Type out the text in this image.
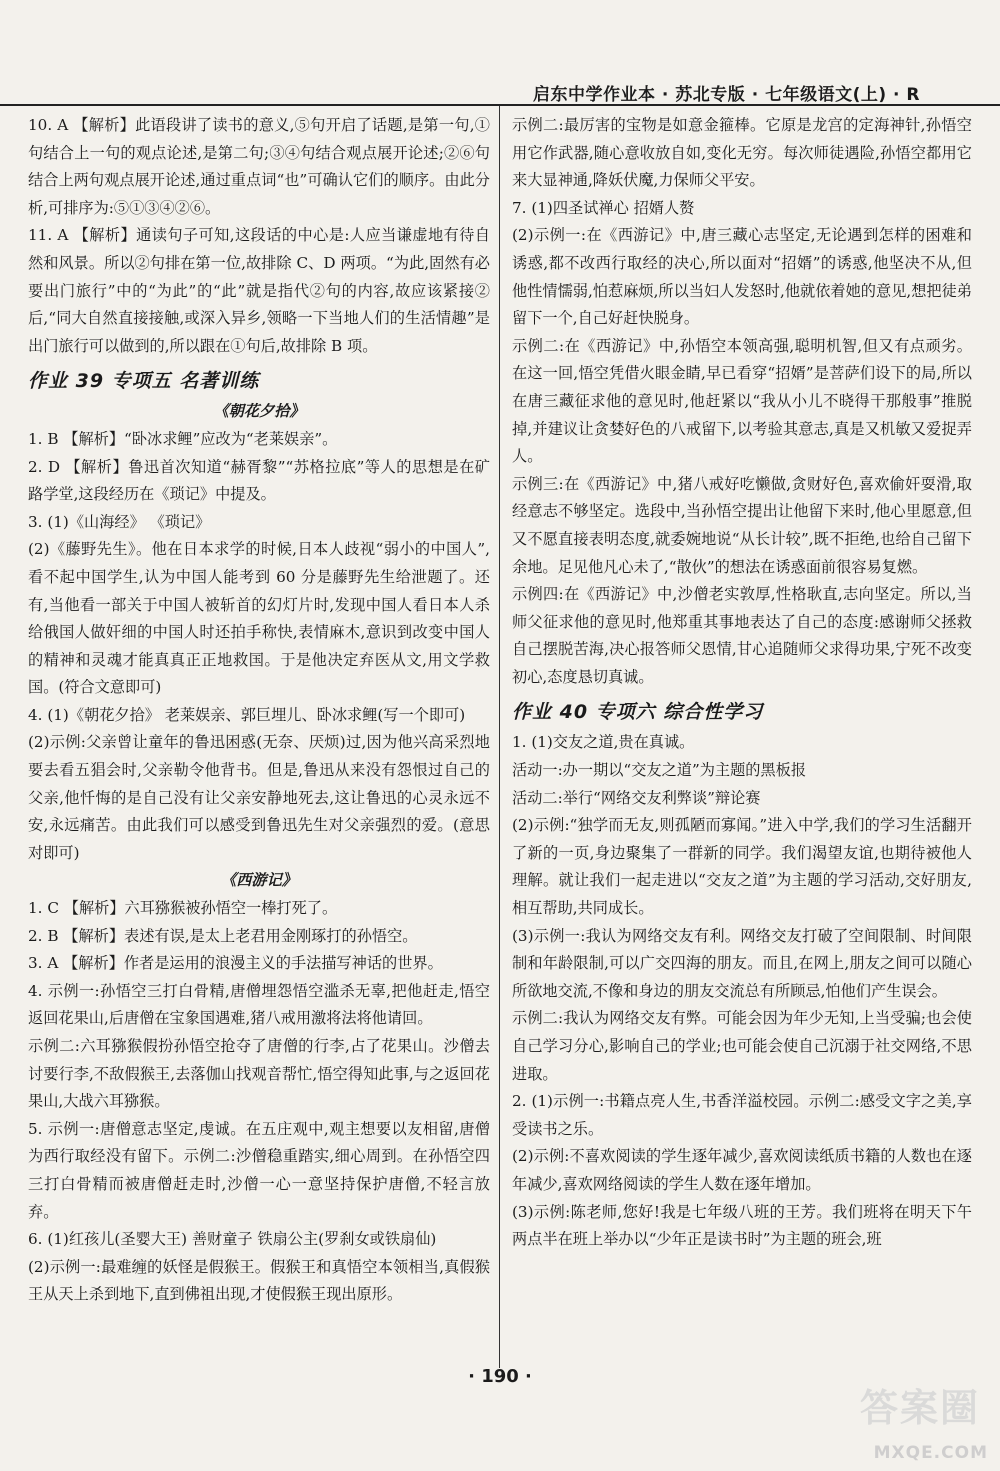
启东中学作业本 · 苏北专版 · 七年级语文(上) · R

10. A 【解析】此语段讲了读书的意义,⑤句开启了话题,是第一句,①句结合上一句的观点论述,是第二句;③④句结合观点展开论述;②⑥句结合上两句观点展开论述,通过重点词“也”可确认它们的顺序。由此分析,可排序为:⑤①③④②⑥。

11. A 【解析】通读句子可知,这段话的中心是:人应当谦虚地有待自然和风景。所以②句排在第一位,故排除 C、D 两项。“为此,固然有必要出门旅行”中的“为此”的“此”就是指代②句的内容,故应该紧接②后,“同大自然直接接触,或深入异乡,领略一下当地人们的生活情趣”是出门旅行可以做到的,所以跟在①句后,故排除 B 项。

作业 39 专项五 名著训练

《朝花夕拾》

1. B 【解析】“卧冰求鲤”应改为“老莱娱亲”。

2. D 【解析】鲁迅首次知道“赫胥黎”“苏格拉底”等人的思想是在矿路学堂,这段经历在《琐记》中提及。

3. (1)《山海经》 《琐记》

(2)《藤野先生》。他在日本求学的时候,日本人歧视“弱小的中国人”,看不起中国学生,认为中国人能考到 60 分是藤野先生给泄题了。还有,当他看一部关于中国人被斩首的幻灯片时,发现中国人看日本人杀给俄国人做奸细的中国人时还拍手称快,表情麻木,意识到改变中国人的精神和灵魂才能真真正正地救国。于是他决定弃医从文,用文学救国。(符合文意即可)

4. (1)《朝花夕拾》 老莱娱亲、郭巨埋儿、卧冰求鲤(写一个即可)

(2)示例:父亲曾让童年的鲁迅困惑(无奈、厌烦)过,因为他兴高采烈地要去看五猖会时,父亲勒令他背书。但是,鲁迅从来没有怨恨过自己的父亲,他忏悔的是自己没有让父亲安静地死去,这让鲁迅的心灵永远不安,永远痛苦。由此我们可以感受到鲁迅先生对父亲强烈的爱。(意思对即可)

《西游记》

1. C 【解析】六耳猕猴被孙悟空一棒打死了。

2. B 【解析】表述有误,是太上老君用金刚琢打的孙悟空。

3. A 【解析】作者是运用的浪漫主义的手法描写神话的世界。

4. 示例一:孙悟空三打白骨精,唐僧埋怨悟空滥杀无辜,把他赶走,悟空返回花果山,后唐僧在宝象国遇难,猪八戒用激将法将他请回。

示例二:六耳猕猴假扮孙悟空抢夺了唐僧的行李,占了花果山。沙僧去讨要行李,不敌假猴王,去落伽山找观音帮忙,悟空得知此事,与之返回花果山,大战六耳猕猴。

5. 示例一:唐僧意志坚定,虔诚。在五庄观中,观主想要以友相留,唐僧为西行取经没有留下。示例二:沙僧稳重踏实,细心周到。在孙悟空四三打白骨精而被唐僧赶走时,沙僧一心一意坚持保护唐僧,不轻言放弃。

6. (1)红孩儿(圣婴大王) 善财童子 铁扇公主(罗刹女或铁扇仙)

(2)示例一:最难缠的妖怪是假猴王。假猴王和真悟空本领相当,真假猴王从天上杀到地下,直到佛祖出现,才使假猴王现出原形。

示例二:最厉害的宝物是如意金箍棒。它原是龙宫的定海神针,孙悟空用它作武器,随心意收放自如,变化无穷。每次师徒遇险,孙悟空都用它来大显神通,降妖伏魔,力保师父平安。

7. (1)四圣试禅心 招婿人赘

(2)示例一:在《西游记》中,唐三藏心志坚定,无论遇到怎样的困难和诱惑,都不改西行取经的决心,所以面对“招婿”的诱惑,他坚决不从,但他性情懦弱,怕惹麻烦,所以当妇人发怒时,他就依着她的意见,想把徒弟留下一个,自己好赶快脱身。

示例二:在《西游记》中,孙悟空本领高强,聪明机智,但又有点顽劣。在这一回,悟空凭借火眼金睛,早已看穿“招婿”是菩萨们设下的局,所以在唐三藏征求他的意见时,他赶紧以“我从小儿不晓得干那般事”推脱掉,并建议让贪婪好色的八戒留下,以考验其意志,真是又机敏又爱捉弄人。

示例三:在《西游记》中,猪八戒好吃懒做,贪财好色,喜欢偷奸耍滑,取经意志不够坚定。选段中,当孙悟空提出让他留下来时,他心里愿意,但又不愿直接表明态度,就委婉地说“从长计较”,既不拒绝,也给自己留下余地。足见他凡心未了,“散伙”的想法在诱惑面前很容易复燃。

示例四:在《西游记》中,沙僧老实敦厚,性格耿直,志向坚定。所以,当师父征求他的意见时,他郑重其事地表达了自己的态度:感谢师父拯救自己摆脱苦海,决心报答师父恩情,甘心追随师父求得功果,宁死不改变初心,态度恳切真诚。

作业 40 专项六 综合性学习

1. (1)交友之道,贵在真诚。

活动一:办一期以“交友之道”为主题的黑板报

活动二:举行“网络交友利弊谈”辩论赛

(2)示例:“独学而无友,则孤陋而寡闻。”进入中学,我们的学习生活翻开了新的一页,身边聚集了一群新的同学。我们渴望友谊,也期待被他人理解。就让我们一起走进以“交友之道”为主题的学习活动,交好朋友,相互帮助,共同成长。

(3)示例一:我认为网络交友有利。网络交友打破了空间限制、时间限制和年龄限制,可以广交四海的朋友。而且,在网上,朋友之间可以随心所欲地交流,不像和身边的朋友交流总有所顾忌,怕他们产生误会。

示例二:我认为网络交友有弊。可能会因为年少无知,上当受骗;也会使自己学习分心,影响自己的学业;也可能会使自己沉溺于社交网络,不思进取。

2. (1)示例一:书籍点亮人生,书香洋溢校园。示例二:感受文字之美,享受读书之乐。

(2)示例:不喜欢阅读的学生逐年减少,喜欢阅读纸质书籍的人数也在逐年减少,喜欢网络阅读的学生人数在逐年增加。

(3)示例:陈老师,您好!我是七年级八班的王芳。我们班将在明天下午两点半在班上举办以“少年正是读书时”为主题的班会,班

· 190 ·
答案圈
MXQE.COM
